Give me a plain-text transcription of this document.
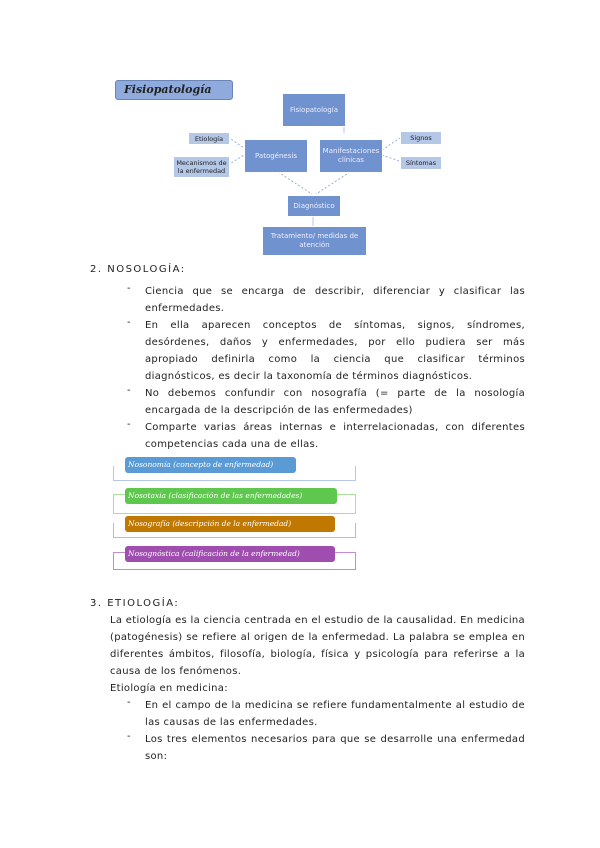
Fisiopatología
Fisiopatología
Patogénesis
Manifestaciones clínicas
Etiología
Mecanismos de la enfermedad
Signos
Síntomas
Diagnóstico
Tratamiento/ medidas de atención
2. NOSOLOGÍA:
- Ciencia que se encarga de describir, diferenciar y clasificar las enfermedades.
- En ella aparecen conceptos de síntomas, signos, síndromes, desórdenes, daños y enfermedades, por ello pudiera ser más apropiado definirla como la ciencia que clasificar términos diagnósticos, es decir la taxonomía de términos diagnósticos.
- No debemos confundir con nosografía (= parte de la nosología encargada de la descripción de las enfermedades)
- Comparte varias áreas internas e interrelacionadas, con diferentes competencias cada una de ellas.
Nosonomía (concepto de enfermedad)
Nosotaxia (clasificación de las enfermedades)
Nosografía (descripción de la enfermedad)
Nosognóstica (calificación de la enfermedad)
3. ETIOLOGÍA:
La etiología es la ciencia centrada en el estudio de la causalidad. En medicina (patogénesis) se refiere al origen de la enfermedad. La palabra se emplea en diferentes ámbitos, filosofía, biología, física y psicología para referirse a la causa de los fenómenos.
Etiología en medicina:
- En el campo de la medicina se refiere fundamentalmente al estudio de las causas de las enfermedades.
- Los tres elementos necesarios para que se desarrolle una enfermedad son:
